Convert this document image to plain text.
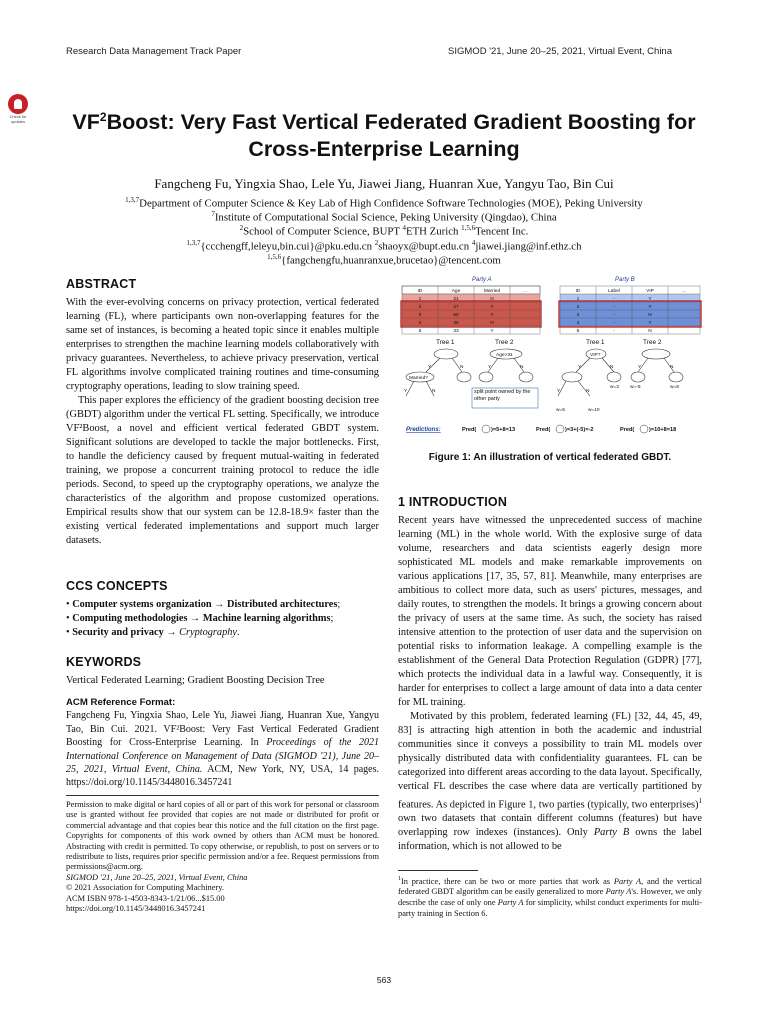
Research Data Management Track Paper	SIGMOD '21, June 20–25, 2021, Virtual Event, China
Check for updates	$VF^2Boost$: Very Fast Vertical Federated Gradient Boosting for
Cross-Enterprise Learning
Fangcheng Fu, Yingxia Shao, Lele Yu, Jiawei Jiang, Huanran Xue, Yangyu Tao, Bin Cui
$^{1,3,7}$Department of Computer Science & Key Lab of High Confidence Software Technologies (MOE), Peking University
$^7$Institute of Computational Social Science, Peking University (Qingdao), China
$^2$School of Computer Science, BUPT $^4$ETH Zurich $^{1,5,6}$Tencent Inc.
$^{1,3,7}${ccchengff,leleyu,bin.cui}@pku.edu.cn $^2$shaoyx@bupt.edu.cn $^4$jiawei.jiang@inf.ethz.ch
$^{1,5,6}${fangchengfu,huanranxue,brucetao}@tencent.com
ABSTRACT

With the ever-evolving concerns on privacy protection, vertical federated learning (FL), where participants own non-overlapping features for the same set of instances, is becoming a heated topic since it enables multiple enterprises to strengthen the machine learning models collaboratively with privacy guarantees. Nevertheless, to achieve privacy preservation, vertical FL algorithms involve complicated training routines and time-consuming cryptography operations, leading to slow training speed.

This paper explores the efficiency of the gradient boosting decision tree (GBDT) algorithm under the vertical FL setting. Specifically, we introduce VF²Boost, a novel and efficient vertical federated GBDT system. Significant solutions are developed to tackle the major bottlenecks. First, to handle the deficiency caused by frequent mutual-waiting in federated training, we propose a concurrent training protocol to reduce the idle periods. Second, to speed up the cryptography operations, we analyze the characteristics of the algorithm and propose customized operations. Empirical results show that our system can be 12.8-18.9× faster than the existing vertical federated implementations and support much larger datasets.

CCS CONCEPTS
• Computer systems organization → Distributed architectures;
• Computing methodologies → Machine learning algorithms;
• Security and privacy → Cryptography.
KEYWORDS
Vertical Federated Learning; Gradient Boosting Decision Tree
ACM Reference Format:
Fangcheng Fu, Yingxia Shao, Lele Yu, Jiawei Jiang, Huanran Xue, Yangyu Tao, Bin Cui. 2021. VF²Boost: Very Fast Vertical Federated Gradient Boosting for Cross-Enterprise Learning. In Proceedings of the 2021 International Conference on Management of Data (SIGMOD '21), June 20–25, 2021, Virtual Event, China. ACM, New York, NY, USA, 14 pages. https://doi.org/10.1145/3448016.3457241
Permission to make digital or hard copies of all or part of this work for personal or classroom use is granted without fee provided that copies are not made or distributed for profit or commercial advantage and that copies bear this notice and the full citation on the first page. Copyrights for components of this work owned by others than ACM must be honored. Abstracting with credit is permitted. To copy otherwise, or republish, to post on servers or to redistribute to lists, requires prior specific permission and/or a fee. Request permissions from permissions@acm.org.
SIGMOD '21, June 20–25, 2021, Virtual Event, China
© 2021 Association for Computing Machinery.
ACM ISBN 978-1-4503-8343-1/21/06...$15.00
https://doi.org/10.1145/3448016.3457241
Party A	Party B
ID	Age	Married	...
1	21	N
2	27	Y
3	50	Y
4	36	N
5	33	Y
ID	Label	VIP	...
1	-	Y
2	-	Y
3	-	N
4	-	Y
6	-	N
Tree 1	Tree 2	Tree 1	Tree 2
Married?
Age>31
Y	N
Y	N
Y	N
split point owned by the other party
VIP?
Y	N
Y	N
Y	N
w=3 w=-5	w=8
w=5	w=10
Predictions:	Pred(	)=5+8=13	Pred(	)=3+(-5)=-2	Pred(	)=10+8=18
Figure 1: An illustration of vertical federated GBDT.
1 INTRODUCTION

Recent years have witnessed the unprecedented success of machine learning (ML) in the whole world. With the explosive surge of data volume, researchers and data scientists eagerly design more sophisticated ML models and make remarkable improvements on various applications [17, 35, 57, 81]. Meanwhile, many enterprises are ambitious to collect more data, such as users' pictures, messages, and daily routes, to strengthen the models. It brings a growing concern about the privacy of users at the same time. As such, the society has raised intensive attention to the protection of user data and the supervision on potential risks to information leakage. A compelling example is the establishment of the General Data Protection Regulation (GDPR) [77], which protects the individual data in a lawful way. Consequently, it is harder for enterprises to collect a large amount of data into a data center for ML training.

Motivated by this problem, federated learning (FL) [32, 44, 45, 49, 83] is attracting high attention in both the academic and industrial communities since it conveys a possibility to train ML models over physically distributed data with confidentiality guarantees. FL can be categorized into different areas according to the data layout. Specifically, vertical FL describes the case where data are vertically partitioned by features. As depicted in Figure 1, two parties (typically, two enterprises)$^1$ own two datasets that contain different columns (features) but have overlapping row indexes (instances). Only Party B owns the label information, which is not allowed to be

$^1$In practice, there can be two or more parties that work as Party A, and the vertical federated GBDT algorithm can be easily generalized to more Party A's. However, we only describe the case of only one Party A for simplicity, whilst conduct experiments for multi-party training in Section 6.
563
